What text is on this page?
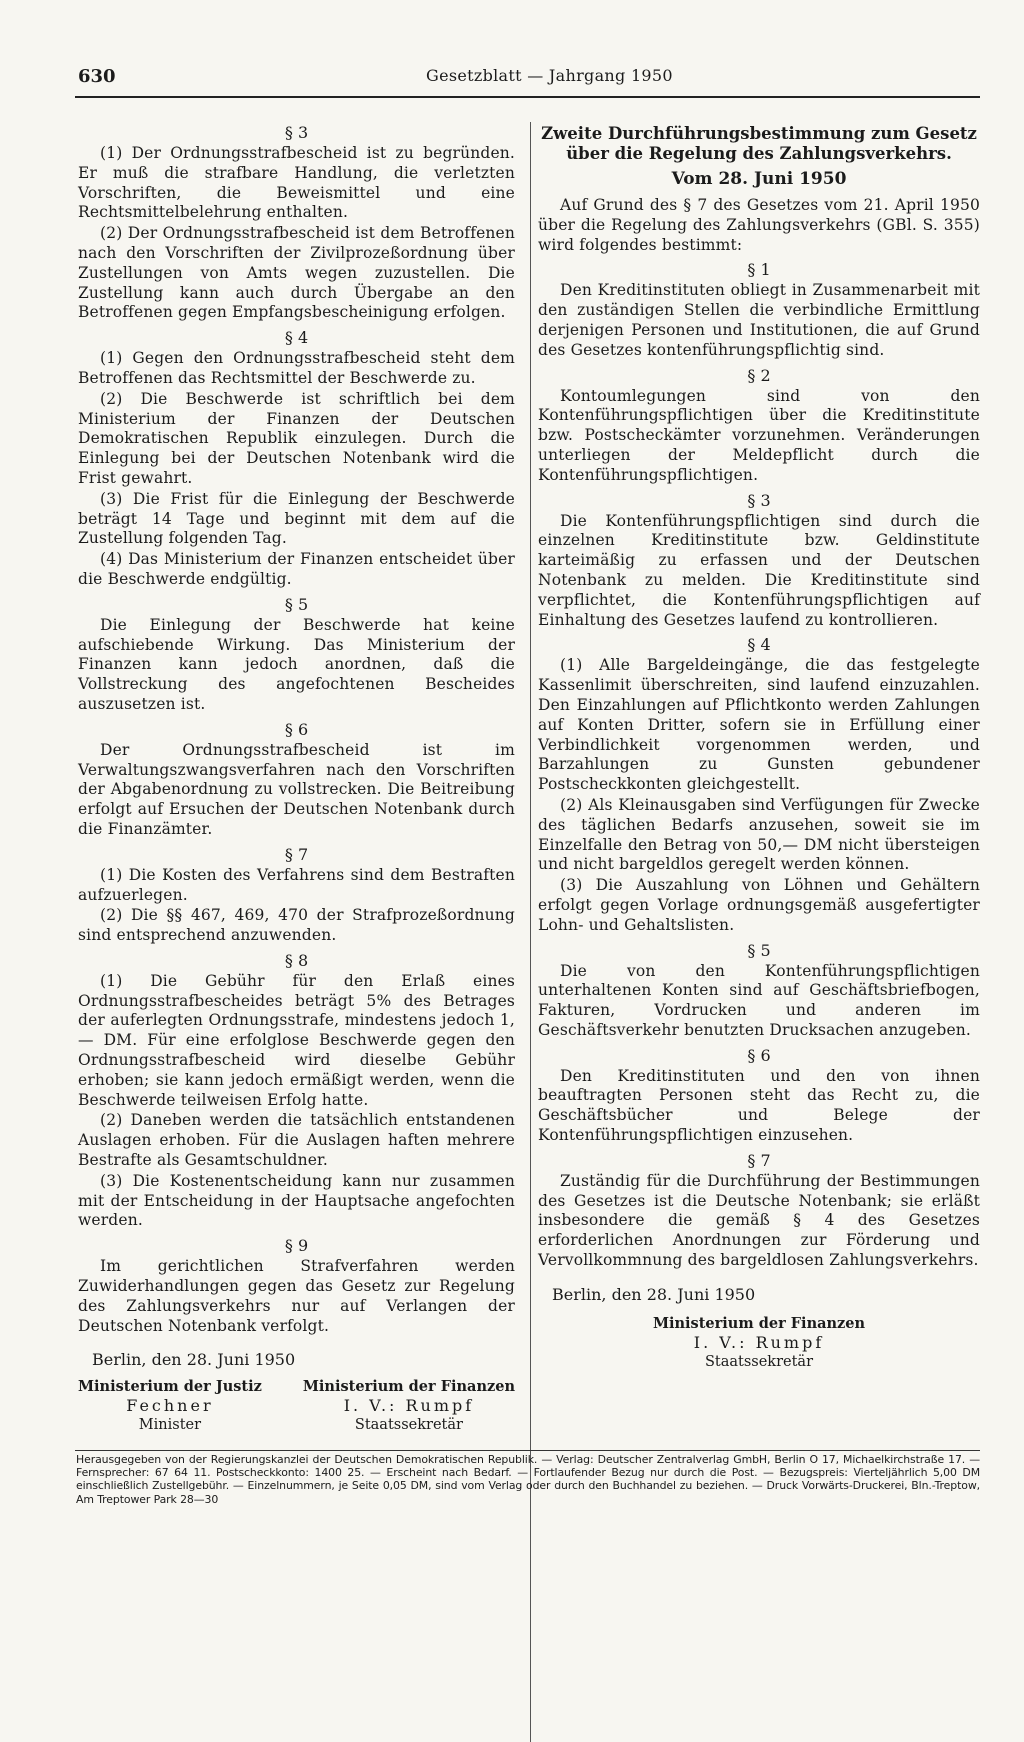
630	Gesetzblatt — Jahrgang 1950
§ 3

(1) Der Ordnungsstrafbescheid ist zu begründen. Er muß die strafbare Handlung, die verletzten Vorschriften, die Beweismittel und eine Rechtsmittelbelehrung enthalten.

(2) Der Ordnungsstrafbescheid ist dem Betroffenen nach den Vorschriften der Zivilprozeßordnung über Zustellungen von Amts wegen zuzustellen. Die Zustellung kann auch durch Übergabe an den Betroffenen gegen Empfangsbescheinigung erfolgen.

§ 4

(1) Gegen den Ordnungsstrafbescheid steht dem Betroffenen das Rechtsmittel der Beschwerde zu.

(2) Die Beschwerde ist schriftlich bei dem Ministerium der Finanzen der Deutschen Demokratischen Republik einzulegen. Durch die Einlegung bei der Deutschen Notenbank wird die Frist gewahrt.

(3) Die Frist für die Einlegung der Beschwerde beträgt 14 Tage und beginnt mit dem auf die Zustellung folgenden Tag.

(4) Das Ministerium der Finanzen entscheidet über die Beschwerde endgültig.

§ 5

Die Einlegung der Beschwerde hat keine aufschiebende Wirkung. Das Ministerium der Finanzen kann jedoch anordnen, daß die Vollstreckung des angefochtenen Bescheides auszusetzen ist.

§ 6

Der Ordnungsstrafbescheid ist im Verwaltungszwangsverfahren nach den Vorschriften der Abgabenordnung zu vollstrecken. Die Beitreibung erfolgt auf Ersuchen der Deutschen Notenbank durch die Finanzämter.

§ 7

(1) Die Kosten des Verfahrens sind dem Bestraften aufzuerlegen.

(2) Die §§ 467, 469, 470 der Strafprozeßordnung sind entsprechend anzuwenden.

§ 8

(1) Die Gebühr für den Erlaß eines Ordnungsstrafbescheides beträgt 5% des Betrages der auferlegten Ordnungsstrafe, mindestens jedoch 1,— DM. Für eine erfolglose Beschwerde gegen den Ordnungsstrafbescheid wird dieselbe Gebühr erhoben; sie kann jedoch ermäßigt werden, wenn die Beschwerde teilweisen Erfolg hatte.

(2) Daneben werden die tatsächlich entstandenen Auslagen erhoben. Für die Auslagen haften mehrere Bestrafte als Gesamtschuldner.

(3) Die Kostenentscheidung kann nur zusammen mit der Entscheidung in der Hauptsache angefochten werden.

§ 9

Im gerichtlichen Strafverfahren werden Zuwiderhandlungen gegen das Gesetz zur Regelung des Zahlungsverkehrs nur auf Verlangen der Deutschen Notenbank verfolgt.

Berlin, den 28. Juni 1950
Ministerium der Justiz
Fechner
Minister
Ministerium der Finanzen
I. V.: Rumpf
Staatssekretär
Zweite Durchführungsbestimmung zum Gesetz über die Regelung des Zahlungsverkehrs.
Vom 28. Juni 1950

Auf Grund des § 7 des Gesetzes vom 21. April 1950 über die Regelung des Zahlungsverkehrs (GBl. S. 355) wird folgendes bestimmt:

§ 1

Den Kreditinstituten obliegt in Zusammenarbeit mit den zuständigen Stellen die verbindliche Ermittlung derjenigen Personen und Institutionen, die auf Grund des Gesetzes kontenführungspflichtig sind.

§ 2

Kontoumlegungen sind von den Kontenführungspflichtigen über die Kreditinstitute bzw. Postscheckämter vorzunehmen. Veränderungen unterliegen der Meldepflicht durch die Kontenführungspflichtigen.

§ 3

Die Kontenführungspflichtigen sind durch die einzelnen Kreditinstitute bzw. Geldinstitute karteimäßig zu erfassen und der Deutschen Notenbank zu melden. Die Kreditinstitute sind verpflichtet, die Kontenführungspflichtigen auf Einhaltung des Gesetzes laufend zu kontrollieren.

§ 4

(1) Alle Bargeldeingänge, die das festgelegte Kassenlimit überschreiten, sind laufend einzuzahlen. Den Einzahlungen auf Pflichtkonto werden Zahlungen auf Konten Dritter, sofern sie in Erfüllung einer Verbindlichkeit vorgenommen werden, und Barzahlungen zu Gunsten gebundener Postscheckkonten gleichgestellt.

(2) Als Kleinausgaben sind Verfügungen für Zwecke des täglichen Bedarfs anzusehen, soweit sie im Einzelfalle den Betrag von 50,— DM nicht übersteigen und nicht bargeldlos geregelt werden können.

(3) Die Auszahlung von Löhnen und Gehältern erfolgt gegen Vorlage ordnungsgemäß ausgefertigter Lohn- und Gehaltslisten.

§ 5

Die von den Kontenführungspflichtigen unterhaltenen Konten sind auf Geschäftsbriefbogen, Fakturen, Vordrucken und anderen im Geschäftsverkehr benutzten Drucksachen anzugeben.

§ 6

Den Kreditinstituten und den von ihnen beauftragten Personen steht das Recht zu, die Geschäftsbücher und Belege der Kontenführungspflichtigen einzusehen.

§ 7

Zuständig für die Durchführung der Bestimmungen des Gesetzes ist die Deutsche Notenbank; sie erläßt insbesondere die gemäß § 4 des Gesetzes erforderlichen Anordnungen zur Förderung und Vervollkommnung des bargeldlosen Zahlungsverkehrs.

Berlin, den 28. Juni 1950
Ministerium der Finanzen
I. V.: Rumpf
Staatssekretär
Herausgegeben von der Regierungskanzlei der Deutschen Demokratischen Republik. — Verlag: Deutscher Zentralverlag GmbH, Berlin O 17, Michaelkirchstraße 17. — Fernsprecher: 67 64 11. Postscheckkonto: 1400 25. — Erscheint nach Bedarf. — Fortlaufender Bezug nur durch die Post. — Bezugspreis: Vierteljährlich 5,00 DM einschließlich Zustellgebühr. — Einzelnummern, je Seite 0,05 DM, sind vom Verlag oder durch den Buchhandel zu beziehen. — Druck Vorwärts-Druckerei, Bln.-Treptow, Am Treptower Park 28—30
